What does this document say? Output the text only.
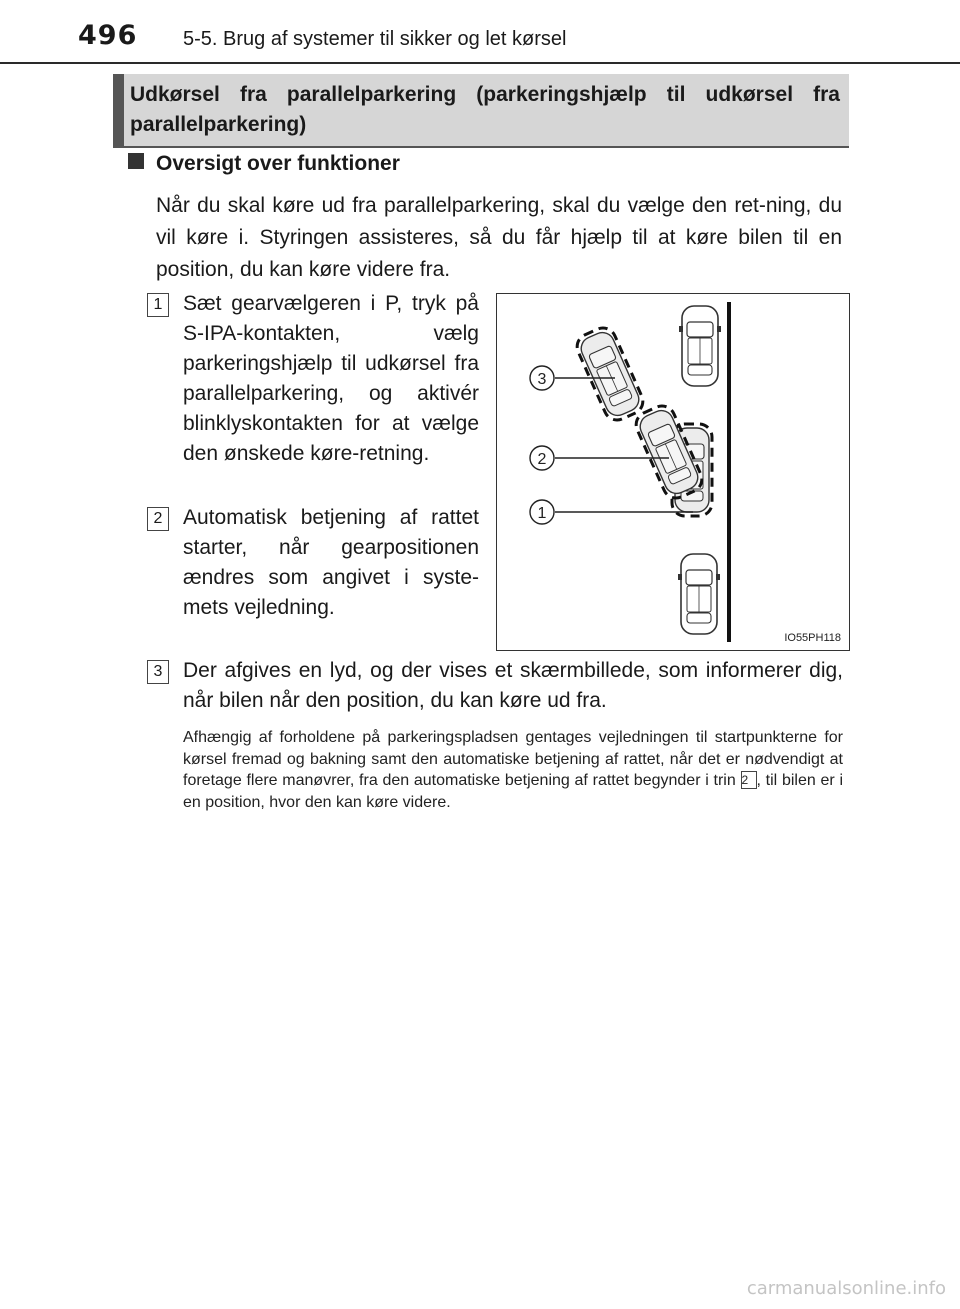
496 5-5. Brug af systemer til sikker og let kørsel
Udkørsel fra parallelparkering (parkeringshjælp til udkørsel fra parallelparkering)
Oversigt over funktioner
Når du skal køre ud fra parallelparkering, skal du vælge den ret-ning, du vil køre i. Styringen assisteres, så du får hjælp til at køre bilen til en position, du kan køre videre fra.
1 Sæt gearvælgeren i P, tryk på S-IPA-kontakten, vælg parkeringshjælp til udkørsel fra parallelparkering, og aktivér blinklyskontakten for at vælge den ønskede køre-retning.
2 Automatisk betjening af rattet starter, når gearpositionen ændres som angivet i syste-mets vejledning.
3 Der afgives en lyd, og der vises et skærmbillede, som informerer dig, når bilen når den position, du kan køre ud fra.
Afhængig af forholdene på parkeringspladsen gentages vejledningen til startpunkterne for kørsel fremad og bakning samt den automatiske betjening af rattet, når det er nødvendigt at foretage flere manøvrer, fra den automatiske betjening af rattet begynder i trin 2 , til bilen er i en position, hvor den kan køre videre.
3
2
1
IO55PH118
carmanualsonline.info
